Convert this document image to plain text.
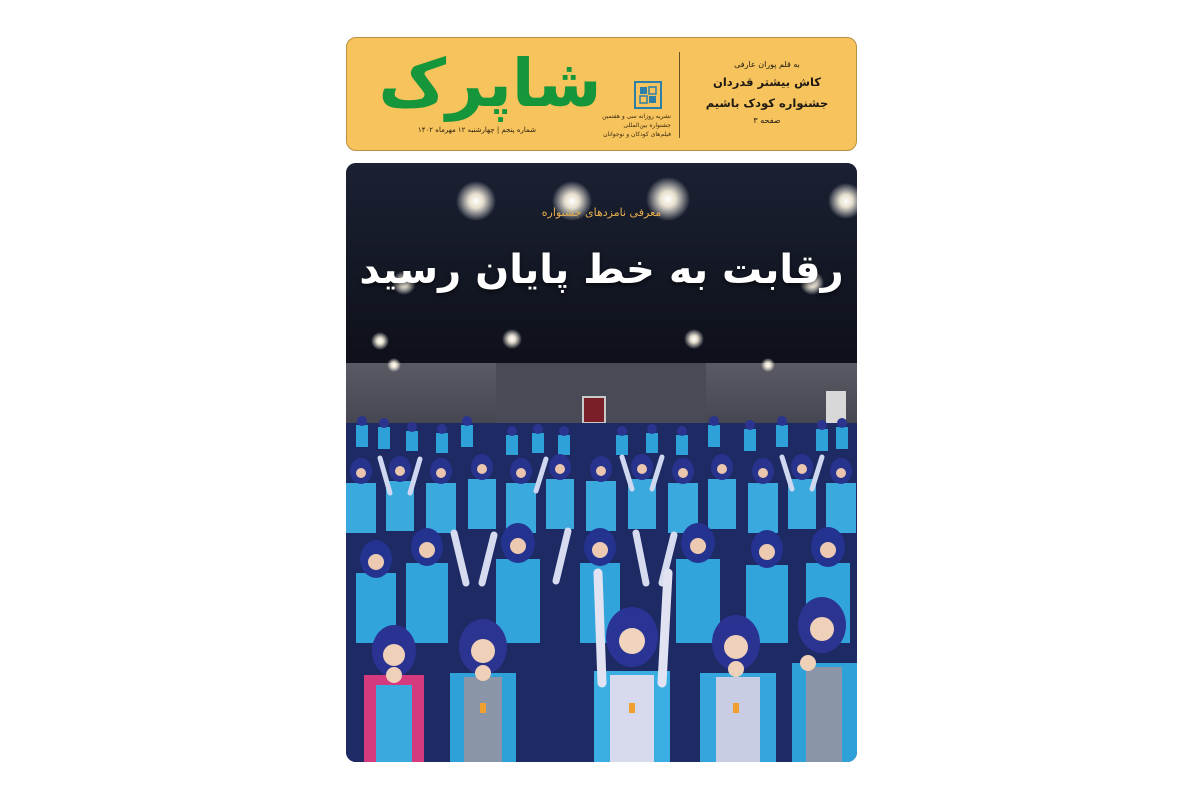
شاپرک نشریه روزانه سی و هفتمین
جشنواره بین‌المللی
فیلم‌های کودکان و نوجوانان
شماره پنجم | چهارشنبه ۱۲ مهرماه ۱۴۰۲
به قلم پوران عارفی
کاش بیشتر قدردان
جشنواره کودک باشیم
صفحه ۳
معرفی نامزدهای جشنواره
رقابت به خط پایان رسید
